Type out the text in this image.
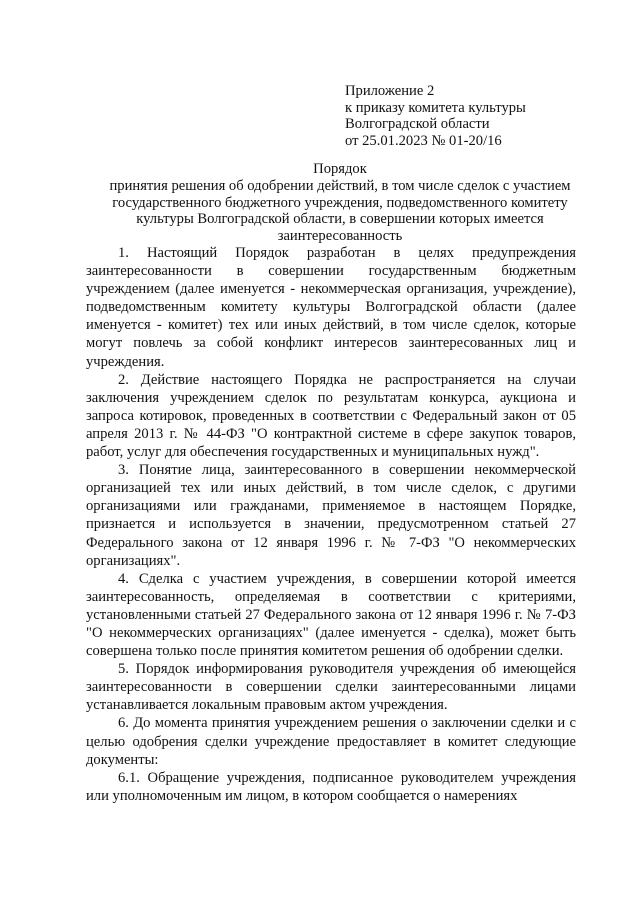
Приложение 2
к приказу комитета культуры
Волгоградской области
от 25.01.2023 № 01-20/16
Порядок
принятия решения об одобрении действий, в том числе сделок с участием государственного бюджетного учреждения, подведомственного комитету культуры Волгоградской области, в совершении которых имеется заинтересованность

1. Настоящий Порядок разработан в целях предупреждения заинтересованности в совершении государственным бюджетным учреждением (далее именуется - некоммерческая организация, учреждение), подведомственным комитету культуры Волгоградской области (далее именуется - комитет) тех или иных действий, в том числе сделок, которые могут повлечь за собой конфликт интересов заинтересованных лиц и учреждения.

2. Действие настоящего Порядка не распространяется на случаи заключения учреждением сделок по результатам конкурса, аукциона и запроса котировок, проведенных в соответствии с Федеральный закон от 05 апреля 2013 г. № 44-ФЗ "О контрактной системе в сфере закупок товаров, работ, услуг для обеспечения государственных и муниципальных нужд".

3. Понятие лица, заинтересованного в совершении некоммерческой организацией тех или иных действий, в том числе сделок, с другими организациями или гражданами, применяемое в настоящем Порядке, признается и используется в значении, предусмотренном статьей 27 Федерального закона от 12 января 1996 г. № 7-ФЗ "О некоммерческих организациях".

4. Сделка с участием учреждения, в совершении которой имеется заинтересованность, определяемая в соответствии с критериями, установленными статьей 27 Федерального закона от 12 января 1996 г. № 7-ФЗ "О некоммерческих организациях" (далее именуется - сделка), может быть совершена только после принятия комитетом решения об одобрении сделки.

5. Порядок информирования руководителя учреждения об имеющейся заинтересованности в совершении сделки заинтересованными лицами устанавливается локальным правовым актом учреждения.

6. До момента принятия учреждением решения о заключении сделки и с целью одобрения сделки учреждение предоставляет в комитет следующие документы:

6.1. Обращение учреждения, подписанное руководителем учреждения или уполномоченным им лицом, в котором сообщается о намерениях
